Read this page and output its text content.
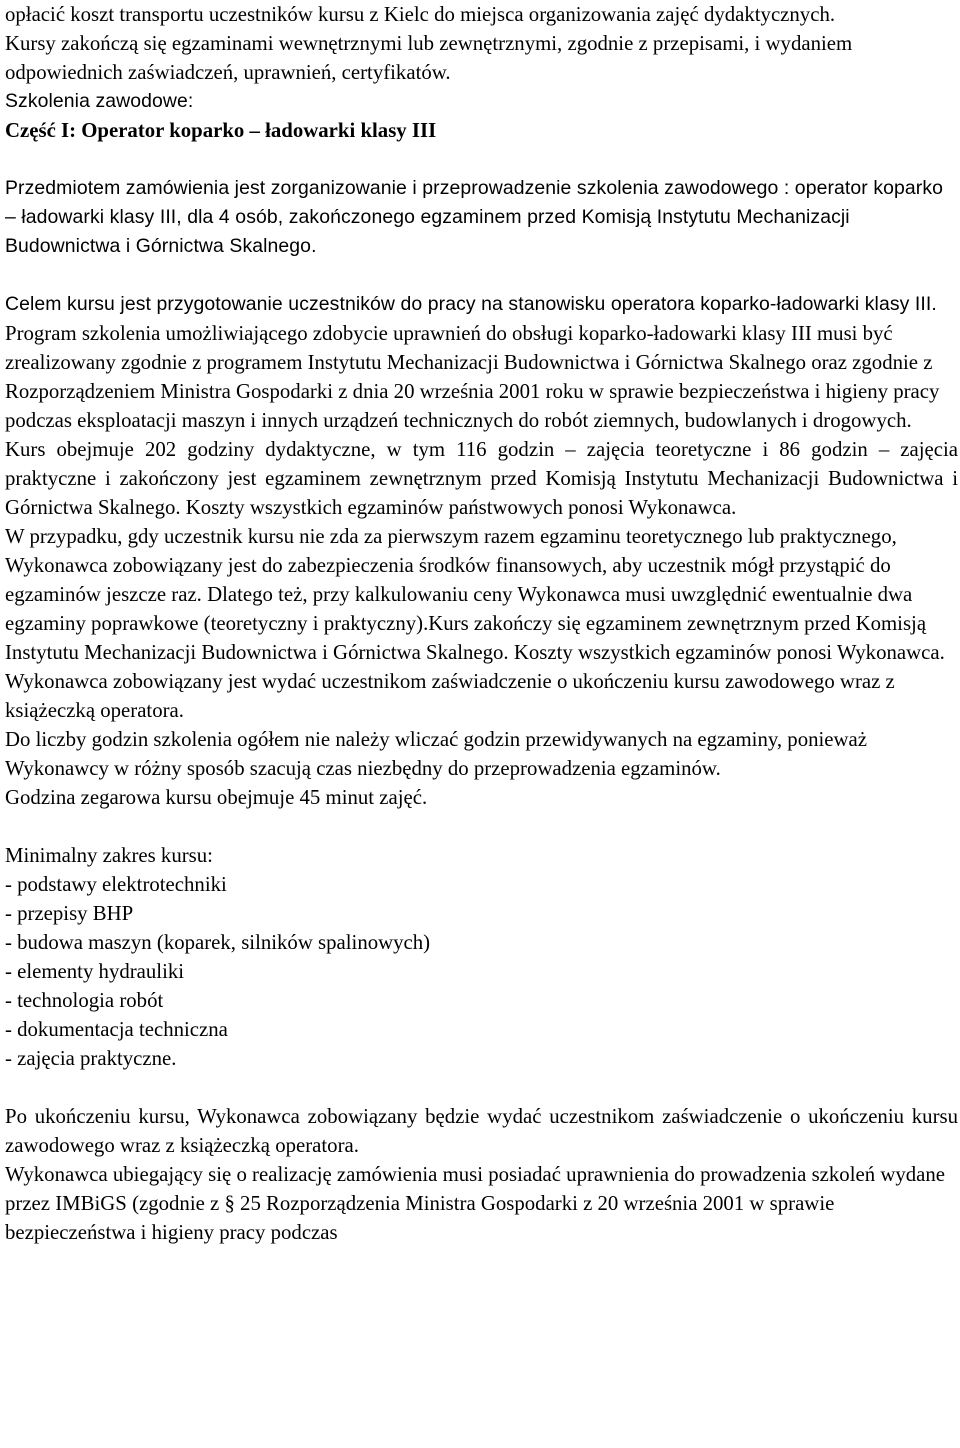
opłacić koszt transportu uczestników kursu z Kielc do miejsca organizowania zajęć dydaktycznych.

Kursy zakończą się egzaminami wewnętrznymi lub zewnętrznymi, zgodnie z przepisami, i wydaniem odpowiednich zaświadczeń, uprawnień, certyfikatów.

Szkolenia zawodowe:

Część I: Operator koparko – ładowarki klasy III

Przedmiotem zamówienia jest zorganizowanie i przeprowadzenie szkolenia zawodowego : operator koparko – ładowarki klasy III, dla 4 osób, zakończonego egzaminem przed Komisją Instytutu Mechanizacji Budownictwa i Górnictwa Skalnego.

Celem kursu jest przygotowanie uczestników do pracy na stanowisku operatora koparko-ładowarki klasy III.

Program szkolenia umożliwiającego zdobycie uprawnień do obsługi koparko-ładowarki klasy III musi być zrealizowany zgodnie z programem Instytutu Mechanizacji Budownictwa i Górnictwa Skalnego oraz zgodnie z Rozporządzeniem Ministra Gospodarki z dnia 20 września 2001 roku w sprawie bezpieczeństwa i higieny pracy podczas eksploatacji maszyn i innych urządzeń technicznych do robót ziemnych, budowlanych i drogowych.

Kurs obejmuje 202 godziny dydaktyczne, w tym 116 godzin – zajęcia teoretyczne i 86 godzin – zajęcia praktyczne i zakończony jest egzaminem zewnętrznym przed Komisją Instytutu Mechanizacji Budownictwa i Górnictwa Skalnego. Koszty wszystkich egzaminów państwowych ponosi Wykonawca.

W przypadku, gdy uczestnik kursu nie zda za pierwszym razem egzaminu teoretycznego lub praktycznego, Wykonawca zobowiązany jest do zabezpieczenia środków finansowych, aby uczestnik mógł przystąpić do egzaminów jeszcze raz. Dlatego też, przy kalkulowaniu ceny Wykonawca musi uwzględnić ewentualnie dwa egzaminy poprawkowe (teoretyczny i praktyczny).Kurs zakończy się egzaminem zewnętrznym przed Komisją Instytutu Mechanizacji Budownictwa i Górnictwa Skalnego. Koszty wszystkich egzaminów ponosi Wykonawca.

Wykonawca zobowiązany jest wydać uczestnikom zaświadczenie o ukończeniu kursu zawodowego wraz z książeczką operatora.

Do liczby godzin szkolenia ogółem nie należy wliczać godzin przewidywanych na egzaminy, ponieważ Wykonawcy w różny sposób szacują czas niezbędny do przeprowadzenia egzaminów.

Godzina zegarowa kursu obejmuje 45 minut zajęć.

Minimalny zakres kursu:

- podstawy elektrotechniki
- przepisy BHP
- budowa maszyn (koparek, silników spalinowych)
- elementy hydrauliki
- technologia robót
- dokumentacja techniczna
- zajęcia praktyczne.

Po ukończeniu kursu, Wykonawca zobowiązany będzie wydać uczestnikom zaświadczenie o ukończeniu kursu zawodowego wraz z książeczką operatora.

Wykonawca ubiegający się o realizację zamówienia musi posiadać uprawnienia do prowadzenia szkoleń wydane przez IMBiGS (zgodnie z § 25 Rozporządzenia Ministra Gospodarki z 20 września 2001 w sprawie bezpieczeństwa i higieny pracy podczas
